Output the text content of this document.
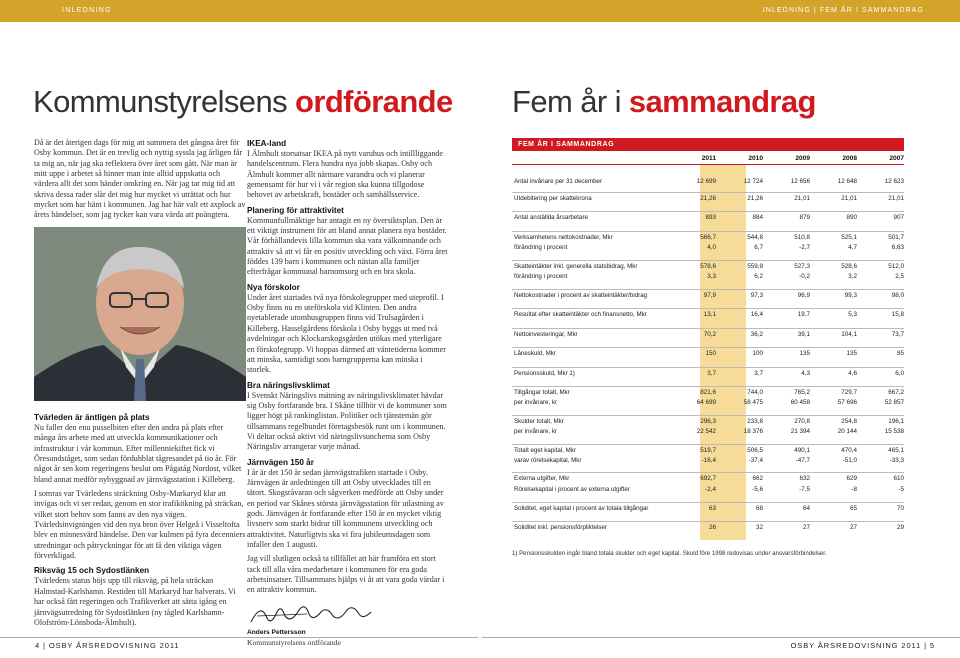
INLEDNING	INLEDNING | FEM ÅR I SAMMANDRAG
Kommunstyrelsens ordförande Fem år i sammandrag

Då är det återigen dags för mig att summera det gångna året för Osby kommun. Det är en trevlig och nyttig syssla jag årligen får ta mig an, när jag ska reflektera över året som gått. När man är mitt uppe i arbetet så hinner man inte alltid uppskatta och värdera allt det som händer omkring en. När jag tar mig tid att skriva dessa rader slår det mig hur mycket vi uträttat och hur mycket som har hänt i kommunen. Jag har här valt ett axplock av årets händelser, som jag tycker kan vara värda att poängtera.

Tvärleden är äntligen på plats

Nu faller den enu pusselbiten efter den andra på plats efter många års arbete med att utveckla kommunikationer och infrastruktur i vår kommun. Efter millenniekiftet fick vi Öresundståget, som sedan förduhblat tågresandet på tio år. För något år sen kom regeringens beslut om Pågatåg Nordost, vilket bland annat medför nybyggnad av järnvägsstation i Killeberg.

I somras var Tvärledens sträckning Osby-Markaryd klar att invigas och vi ser redan, genom en stor trafikökning på sträckan, vilket stort behov som fanns av den nya vägen. Tvärledsinvigningen vid den nya bron över Helgeå i Visseltofta blev en minnesvärd händelse. Den var kulmen på fyra decenniers utredningar och påtryckningar för att få den viktiga vägen förverkligad.

Riksväg 15 och Sydostlänken

Tvärledens status höjs upp till riksväg, på hela sträckan Halmstad-Karlshamn. Restiden till Markaryd har halverats. Vi har också fått regeringen och Trafikverket att sätta igång en järnvägsutredning för Sydostlänken (ny tågled Karlshamn-Olofström-Lönsboda-Älmhult).

IKEA-land

I Älmhult storsatsar IKEA på nytt varuhus och intillliggande handelscentrum. Flera hundra nya jobb skapas. Osby och Älmhult kommer allt närmare varandra och vi planerar gemensamt för hur vi i vår region ska kunna tillgodose behovet av arbetskraft, bostäder och samhällsservice.

Planering för attraktivitet

Kommunfullmäktige har antagit en ny översiktsplan. Den är ett viktigt instrument för att bland annat planera nya bostäder. Vår förhållandevis lilla kommun ska vara välkomnande och attraktiv så att vi får en positiv utveckling och växt. Förra året föddes 139 barn i kommunen och nästan alla familjer efterfrågar kommunal barnomsorg och en bra skola.

Nya förskolor

Under året startades två nya förskolegrupper med uteprofil. I Osby finns nu en uteförskola vid Klinten. Den andra nyetablerade utomhusgruppen finns vid Trulsagården i Killeberg. Hasselgårdens förskola i Osby byggs ut med två avdelningar och Klockarskogsgården utökas med ytterligare en förskolegrupp. Vi hoppas därmed att väntetiderna kommer att minska, samtidigt som barngrupperna kan minska i storlek.

Bra näringslivsklimat

I Svenskt Näringslivs mätning av näringslivsklimatet hävdar sig Osby fortfarande bra. I Skåne tillhör vi de kommuner som ligger högt på rankinglistan. Politiker och tjänstemän gör tillsammans regelbundet företagsbesök runt om i kommunen. Vi deltar också aktivt vid näringslivsuncherna som Osby Näringsliv arrangerar varje månad.

Järnvägen 150 år

I år är det 150 år sedan järnvägstrafiken startade i Osby. Järnvägen är anledningen till att Osby utvecklades till en tätort. Skogsråvaran och sågverken medförde att Osby under en period var Skånes största järnvägsstation för utlastning av gods. Järnvägen är fortfarande efter 150 år en mycket viktig livsnerv som starkt bidrar till kommunens utveckling och attraktivitet. Naturligtvis ska vi fira jubileumsdagen som infaller den 1 augusti.

Jag vill slutligen också ta tillfället att här framföra ett stort tack till alla våra medarbetare i kommunen för era goda arbetsinsatser. Tillsammans hjälps vi åt att vara goda värdar i en attraktiv kommun.

Anders Pettersson
Kommunstyrelsens ordförande
FEM ÅR I SAMMANDRAG
2011	2010	2009	2008	2007
Antal invånare per 31 december	12 699	12 724	12 656	12 648	12 623
Utdebitering per skattekrona	21,26	21,26	21,01	21,01	21,01
Antal anställda årsarbetare	893	884	879	890	907
Verksamhetens nettokostnader, Mkr	566,7	544,8	510,8	525,1	501,7
förändring i procent	4,0	6,7	-2,7	4,7	6,63
Skatteintäkter inkl. generella statsbidrag, Mkr	578,6	559,9	527,3	528,6	512,0
förändring i procent	3,3	6,2	-0,2	3,2	2,5
Nettokostnader i procent av skatteintäkter/bidrag	97,9	97,3	96,9	99,3	98,0
Resultat efter skatteintäkter och finansnetto, Mkr	13,1	16,4	19,7	5,3	15,8
Nettoinvesteringar, Mkr	70,2	36,2	39,1	104,1	73,7
Låneskuld, Mkr	150	100	135	135	85
Pensionsskuld, Mkr 1)	3,7	3,7	4,3	4,6	6,0
Tillgångar totalt, Mkr	821,6	744,0	765,2	729,7	667,2
per invånare, kr	64 699	58 475	60 458	57 696	52 857
Skulder totalt, Mkr	296,3	233,8	270,8	254,8	196,1
per invånare, kr	22 542	18 376	21 394	20 144	15 538
Totalt eget kapital, Mkr	519,7	506,5	490,1	470,4	465,1
varav rörelsekapital, Mkr	-16,4	-37,4	-47,7	-51,0	-33,3
Externa utgifter, Mkr	692,7	662	632	629	610
Rörelsekapital i procent av externa utgifter	-2,4	-5,6	-7,5	-8	-5
Soliditet, eget kapital i procent av totala tillgångar	63	68	64	65	70
Soliditet inkl. pensionsförpliktelser	26	32	27	27	29
1) Pensionsskulden ingår bland totala skulder och eget kapital. Skuld före 1998 redovisas under ansvarsförbindelser.
4 | OSBY ÅRSREDOVISNING 2011	OSBY ÅRSREDOVISNING 2011 | 5
